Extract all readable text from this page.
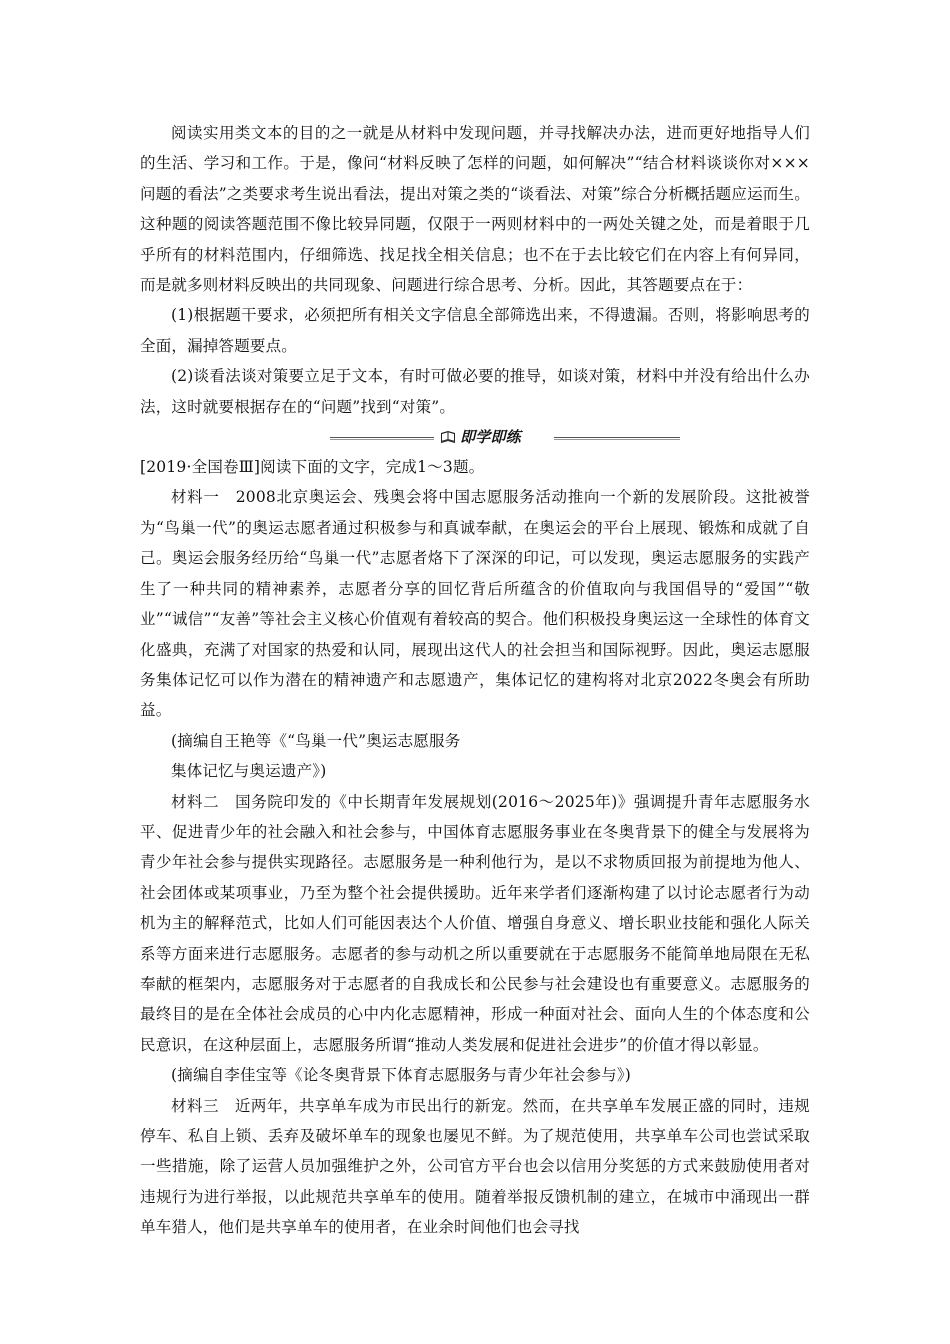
阅读实用类文本的目的之一就是从材料中发现问题，并寻找解决办法，进而更好地指导人们的生活、学习和工作。于是，像问“材料反映了怎样的问题，如何解决”“结合材料谈谈你对×××问题的看法”之类要求考生说出看法，提出对策之类的“谈看法、对策”综合分析概括题应运而生。这种题的阅读答题范围不像比较异同题，仅限于一两则材料中的一两处关键之处，而是着眼于几乎所有的材料范围内，仔细筛选、找足找全相关信息；也不在于去比较它们在内容上有何异同，而是就多则材料反映出的共同现象、问题进行综合思考、分析。因此，其答题要点在于：

(1)根据题干要求，必须把所有相关文字信息全部筛选出来，不得遗漏。否则，将影响思考的全面，漏掉答题要点。

(2)谈看法谈对策要立足于文本，有时可做必要的推导，如谈对策，材料中并没有给出什么办法，这时就要根据存在的“问题”找到“对策”。

即学即练

[2019·全国卷Ⅲ]阅读下面的文字，完成1～3题。

材料一　2008北京奥运会、残奥会将中国志愿服务活动推向一个新的发展阶段。这批被誉为“鸟巢一代”的奥运志愿者通过积极参与和真诚奉献，在奥运会的平台上展现、锻炼和成就了自己。奥运会服务经历给“鸟巢一代”志愿者烙下了深深的印记，可以发现，奥运志愿服务的实践产生了一种共同的精神素养，志愿者分享的回忆背后所蕴含的价值取向与我国倡导的“爱国”“敬业”“诚信”“友善”等社会主义核心价值观有着较高的契合。他们积极投身奥运这一全球性的体育文化盛典，充满了对国家的热爱和认同，展现出这代人的社会担当和国际视野。因此，奥运志愿服务集体记忆可以作为潜在的精神遗产和志愿遗产，集体记忆的建构将对北京2022冬奥会有所助益。

(摘编自王艳等《“鸟巢一代”奥运志愿服务

集体记忆与奥运遗产》)

材料二　国务院印发的《中长期青年发展规划(2016～2025年)》强调提升青年志愿服务水平、促进青少年的社会融入和社会参与，中国体育志愿服务事业在冬奥背景下的健全与发展将为青少年社会参与提供实现路径。志愿服务是一种利他行为，是以不求物质回报为前提地为他人、社会团体或某项事业，乃至为整个社会提供援助。近年来学者们逐渐构建了以讨论志愿者行为动机为主的解释范式，比如人们可能因表达个人价值、增强自身意义、增长职业技能和强化人际关系等方面来进行志愿服务。志愿者的参与动机之所以重要就在于志愿服务不能简单地局限在无私奉献的框架内，志愿服务对于志愿者的自我成长和公民参与社会建设也有重要意义。志愿服务的最终目的是在全体社会成员的心中内化志愿精神，形成一种面对社会、面向人生的个体态度和公民意识，在这种层面上，志愿服务所谓“推动人类发展和促进社会进步”的价值才得以彰显。

(摘编自李佳宝等《论冬奥背景下体育志愿服务与青少年社会参与》)

材料三　近两年，共享单车成为市民出行的新宠。然而，在共享单车发展正盛的同时，违规停车、私自上锁、丢弃及破坏单车的现象也屡见不鲜。为了规范使用，共享单车公司也尝试采取一些措施，除了运营人员加强维护之外，公司官方平台也会以信用分奖惩的方式来鼓励使用者对违规行为进行举报，以此规范共享单车的使用。随着举报反馈机制的建立，在城市中涌现出一群单车猎人，他们是共享单车的使用者，在业余时间他们也会寻找
